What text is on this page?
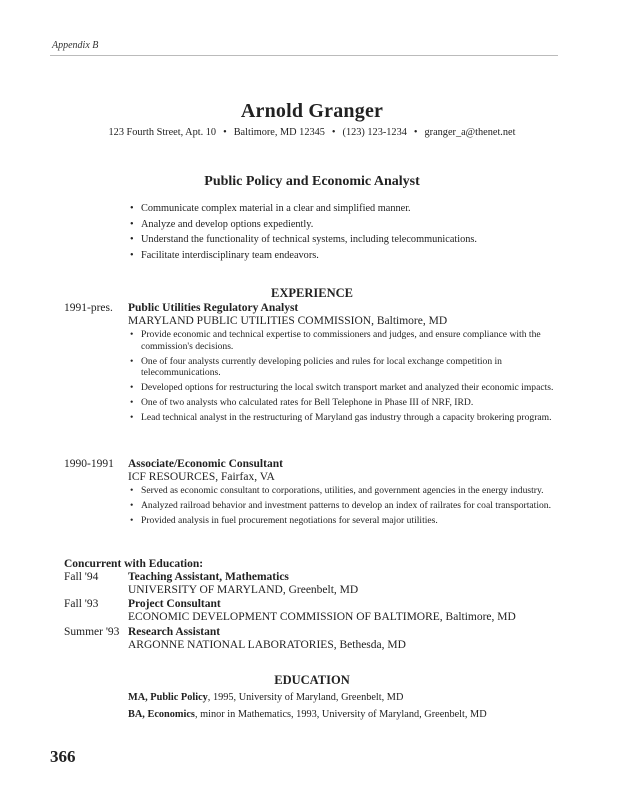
Appendix B
Arnold Granger
123 Fourth Street, Apt. 10 • Baltimore, MD 12345 • (123) 123-1234 • granger_a@thenet.net
Public Policy and Economic Analyst
• Communicate complex material in a clear and simplified manner.
• Analyze and develop options expediently.
• Understand the functionality of technical systems, including telecommunications.
• Facilitate interdisciplinary team endeavors.
EXPERIENCE
1991-pres. Public Utilities Regulatory Analyst
MARYLAND PUBLIC UTILITIES COMMISSION, Baltimore, MD
• Provide economic and technical expertise to commissioners and judges, and ensure compliance with the commission's decisions.
• One of four analysts currently developing policies and rules for local exchange competition in telecommunications.
• Developed options for restructuring the local switch transport market and analyzed their economic impacts.
• One of two analysts who calculated rates for Bell Telephone in Phase III of NRF, IRD.
• Lead technical analyst in the restructuring of Maryland gas industry through a capacity brokering program.
1990-1991 Associate/Economic Consultant
ICF RESOURCES, Fairfax, VA
• Served as economic consultant to corporations, utilities, and government agencies in the energy industry.
• Analyzed railroad behavior and investment patterns to develop an index of railrates for coal transportation.
• Provided analysis in fuel procurement negotiations for several major utilities.
Concurrent with Education:
Fall '94	Teaching Assistant, Mathematics
UNIVERSITY OF MARYLAND, Greenbelt, MD
Fall '93	Project Consultant
ECONOMIC DEVELOPMENT COMMISSION OF BALTIMORE, Baltimore, MD
Summer '93 Research Assistant
ARGONNE NATIONAL LABORATORIES, Bethesda, MD
EDUCATION
MA, Public Policy, 1995, University of Maryland, Greenbelt, MD
BA, Economics, minor in Mathematics, 1993, University of Maryland, Greenbelt, MD
366
